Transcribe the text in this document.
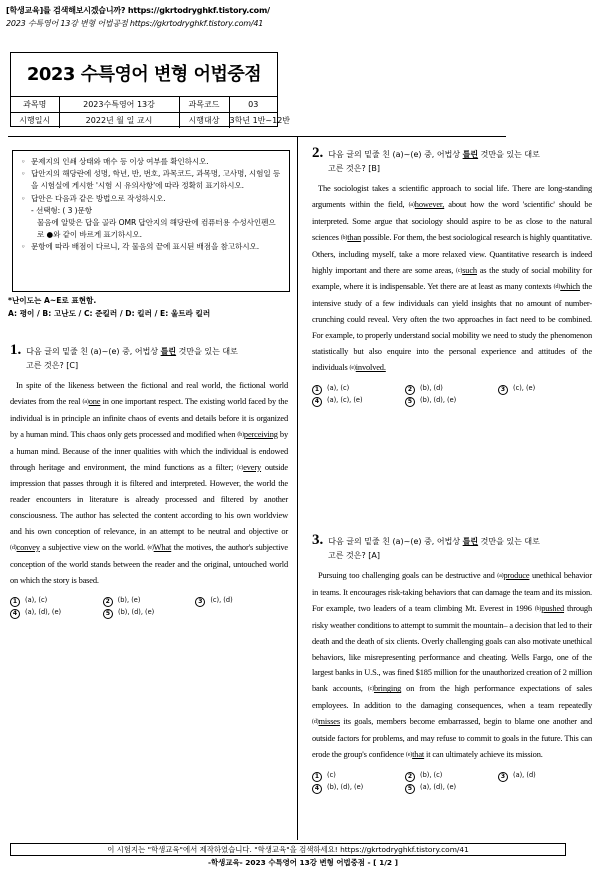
[학생교육]를 검색해보시겠습니까? https://gkrtodryghkf.tistory.com/
2023 수특영어 13강 변형 어법공점 https://gkrtodryghkf.tistory.com/41
2023 수특영어 변형 어법중점
과목명	2023수특영어 13강	과목코드	03
시행일시	2022년 월 일 교시	시행대상	3학년 1반~12반
◦ 문제지의 인쇄 상태와 매수 등 이상 여부를 확인하시오.
◦ 답안지의 해당란에 성명, 학년, 반, 번호, 과목코드, 과목명, 고사명, 시험일 등을 시험실에 게시한 '시험 시 유의사항'에 따라 정확히 표기하시오.
◦ 답안은 다음과 같은 방법으로 작성하시오.
- 선택형: ( 3 )문항
물음에 알맞은 답을 골라 OMR 답안지의 해당란에 컴퓨터용 수성사인펜으로 ●와 같이 바르게 표기하시오.
◦ 문항에 따라 배점이 다르니, 각 물음의 끝에 표시된 배점을 참고하시오.
*난이도는 A~E로 표현함.
A: 평이 / B: 고난도 / C: 준킬러 / D: 킬러 / E: 울트라 킬러
1. 다음 글의 밑줄 친 (a)~(e) 중, 어법상 틀린 것만을 있는 대로
고른 것은? [C]
In spite of the likeness between the fictional and real world, the fictional world deviates from the real (a)one in one important respect. The existing world faced by the individual is in principle an infinite chaos of events and details before it is organized by a human mind. This chaos only gets processed and modified when (b)perceiving by a human mind. Because of the inner qualities with which the individual is endowed through heritage and environment, the mind functions as a filter; (c)every outside impression that passes through it is filtered and interpreted. However, the world the reader encounters in literature is already processed and filtered by another consciousness. The author has selected the content according to his own worldview and his own conception of relevance, in an attempt to be neutral and objective or (d)convey a subjective view on the world. (e)What the motives, the author's subjective conception of the world stands between the reader and the original, untouched world on which the story is based.
1 (a), (c)	2 (b), (e)	3 (c), (d)
4 (a), (d), (e)	5 (b), (d), (e)
2. 다음 글의 밑줄 친 (a)~(e) 중, 어법상 틀린 것만을 있는 대로
고른 것은? [B]
The sociologist takes a scientific approach to social life. There are long-standing arguments within the field, (a)however, about how the word 'scientific' should be interpreted. Some argue that sociology should aspire to be as close to the natural sciences (b)than possible. For them, the best sociological research is highly quantitative. Others, including myself, take a more relaxed view. Quantitative research is indeed highly important and there are some areas, (c)such as the study of social mobility for example, where it is indispensable. Yet there are at least as many contexts (d)which the intensive study of a few individuals can yield insights that no amount of number-crunching could reveal. Very often the two approaches in fact need to be combined. For example, to properly understand social mobility we need to study the phenomenon statistically but also enquire into the personal experience and attitudes of the individuals (e)involved.
1 (a), (c)	2 (b), (d)	3 (c), (e)
4 (a), (c), (e)	5 (b), (d), (e)
3. 다음 글의 밑줄 친 (a)~(e) 중, 어법상 틀린 것만을 있는 대로
고른 것은? [A]
Pursuing too challenging goals can be destructive and (a)produce unethical behavior in teams. It encourages risk-taking behaviors that can damage the team and its mission. For example, two leaders of a team climbing Mt. Everest in 1996 (b)pushed through risky weather conditions to attempt to summit the mountain– a decision that led to their death and the death of six clients. Overly challenging goals can also motivate unethical behaviors, like misrepresenting performance and cheating. Wells Fargo, one of the largest banks in U.S., was fined $185 million for the unauthorized creation of 2 million bank accounts, (c)bringing on from the high performance expectations of sales employees. In addition to the damaging consequences, when a team repeatedly (d)misses its goals, members become embarrassed, begin to blame one another and outside factors for problems, and may refuse to commit to goals in the future. This can erode the group's confidence (e)that it can ultimately achieve its mission.
1 (c)	2 (b), (c)	3 (a), (d)
4 (b), (d), (e)	5 (a), (d), (e)
이 시험지는 "학생교육"에서 제작하였습니다. "학생교육"을 검색하세요! https://gkrtodryghkf.tistory.com/41
-학생교육- 2023 수특영어 13강 변형 어법중점 - [ 1/2 ]
